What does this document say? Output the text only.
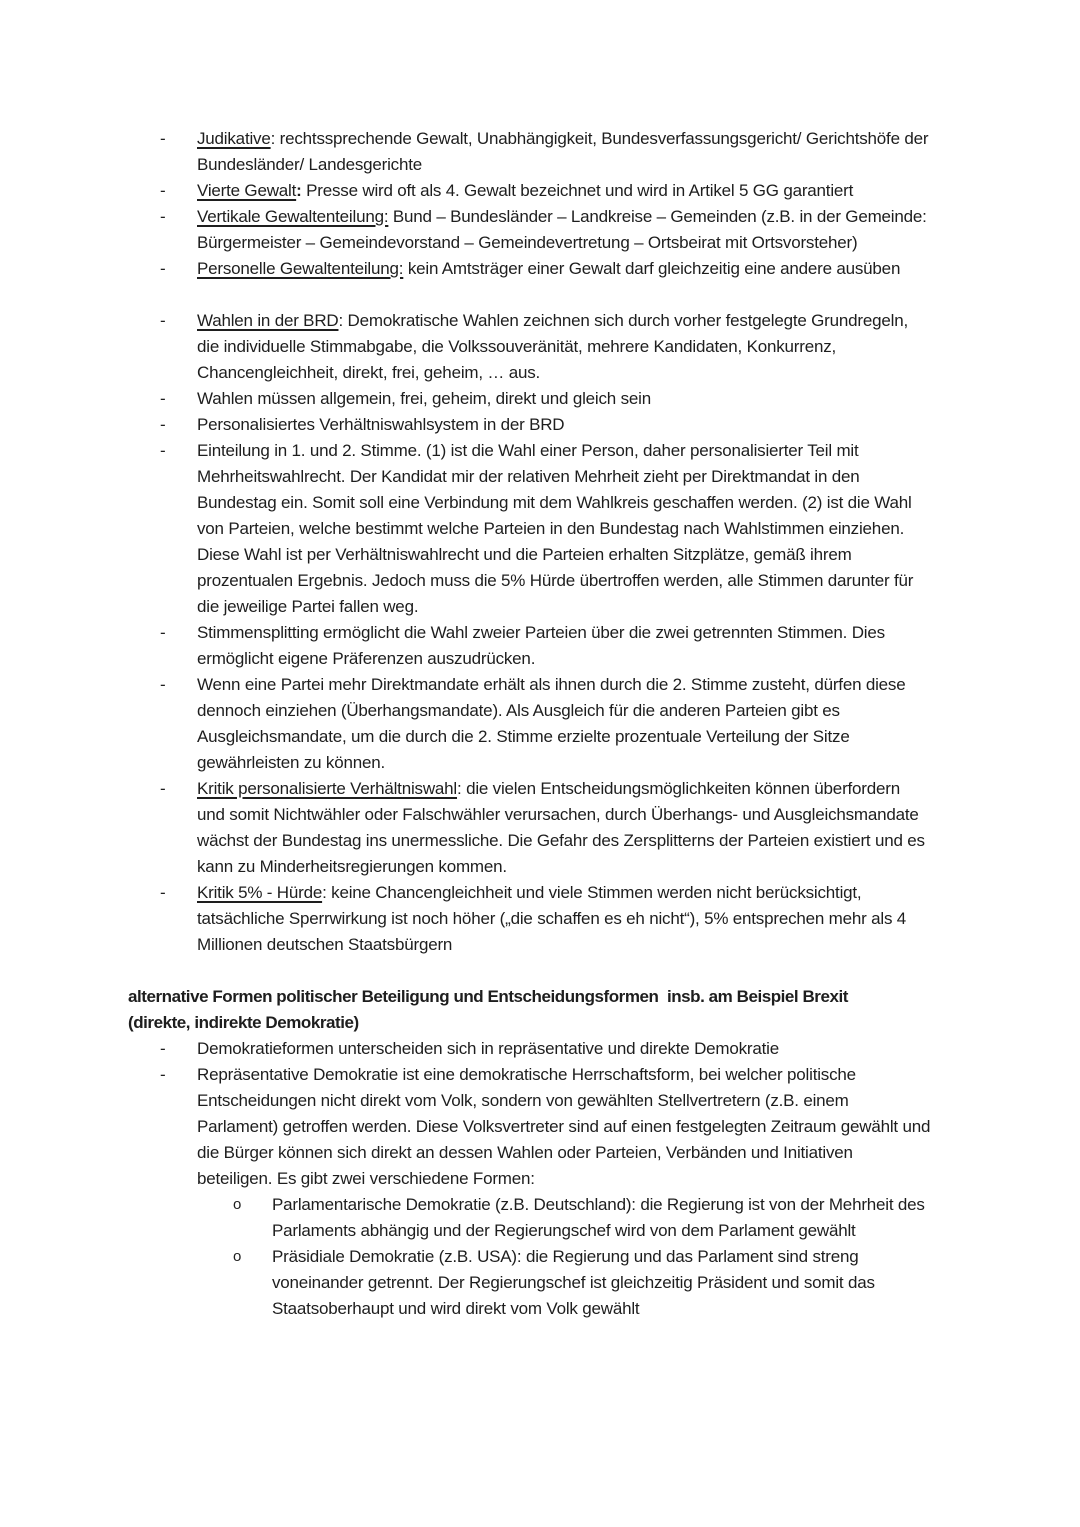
-	Judikative: rechtssprechende Gewalt, Unabhängigkeit, Bundesverfassungsgericht/ Gerichtshöfe der Bundesländer/ Landesgerichte
-	Vierte Gewalt: Presse wird oft als 4. Gewalt bezeichnet und wird in Artikel 5 GG garantiert
-	Vertikale Gewaltenteilung: Bund – Bundesländer – Landkreise – Gemeinden (z.B. in der Gemeinde: Bürgermeister – Gemeindevorstand – Gemeindevertretung – Ortsbeirat mit Ortsvorsteher)
-	Personelle Gewaltenteilung: kein Amtsträger einer Gewalt darf gleichzeitig eine andere ausüben
-	Wahlen in der BRD: Demokratische Wahlen zeichnen sich durch vorher festgelegte Grundregeln, die individuelle Stimmabgabe, die Volkssouveränität, mehrere Kandidaten, Konkurrenz, Chancengleichheit, direkt, frei, geheim, … aus.
-	Wahlen müssen allgemein, frei, geheim, direkt und gleich sein
-	Personalisiertes Verhältniswahlsystem in der BRD
-	Einteilung in 1. und 2. Stimme. (1) ist die Wahl einer Person, daher personalisierter Teil mit Mehrheitswahlrecht. Der Kandidat mir der relativen Mehrheit zieht per Direktmandat in den Bundestag ein. Somit soll eine Verbindung mit dem Wahlkreis geschaffen werden. (2) ist die Wahl von Parteien, welche bestimmt welche Parteien in den Bundestag nach Wahlstimmen einziehen. Diese Wahl ist per Verhältniswahlrecht und die Parteien erhalten Sitzplätze, gemäß ihrem prozentualen Ergebnis. Jedoch muss die 5% Hürde übertroffen werden, alle Stimmen darunter für die jeweilige Partei fallen weg.
-	Stimmensplitting ermöglicht die Wahl zweier Parteien über die zwei getrennten Stimmen. Dies ermöglicht eigene Präferenzen auszudrücken.
-	Wenn eine Partei mehr Direktmandate erhält als ihnen durch die 2. Stimme zusteht, dürfen diese dennoch einziehen (Überhangsmandate). Als Ausgleich für die anderen Parteien gibt es Ausgleichsmandate, um die durch die 2. Stimme erzielte prozentuale Verteilung der Sitze gewährleisten zu können.
-	Kritik personalisierte Verhältniswahl: die vielen Entscheidungsmöglichkeiten können überfordern und somit Nichtwähler oder Falschwähler verursachen, durch Überhangs- und Ausgleichsmandate wächst der Bundestag ins unermessliche. Die Gefahr des Zersplitterns der Parteien existiert und es kann zu Minderheitsregierungen kommen.
-	Kritik 5% - Hürde: keine Chancengleichheit und viele Stimmen werden nicht berücksichtigt, tatsächliche Sperrwirkung ist noch höher („die schaffen es eh nicht“), 5% entsprechen mehr als 4 Millionen deutschen Staatsbürgern
alternative Formen politischer Beteiligung und Entscheidungsformen  insb. am Beispiel Brexit
(direkte, indirekte Demokratie)
-	Demokratieformen unterscheiden sich in repräsentative und direkte Demokratie
-	Repräsentative Demokratie ist eine demokratische Herrschaftsform, bei welcher politische Entscheidungen nicht direkt vom Volk, sondern von gewählten Stellvertretern (z.B. einem Parlament) getroffen werden. Diese Volksvertreter sind auf einen festgelegten Zeitraum gewählt und die Bürger können sich direkt an dessen Wahlen oder Parteien, Verbänden und Initiativen beteiligen. Es gibt zwei verschiedene Formen:
o	Parlamentarische Demokratie (z.B. Deutschland): die Regierung ist von der Mehrheit des Parlaments abhängig und der Regierungschef wird von dem Parlament gewählt
o	Präsidiale Demokratie (z.B. USA): die Regierung und das Parlament sind streng voneinander getrennt. Der Regierungschef ist gleichzeitig Präsident und somit das Staatsoberhaupt und wird direkt vom Volk gewählt
